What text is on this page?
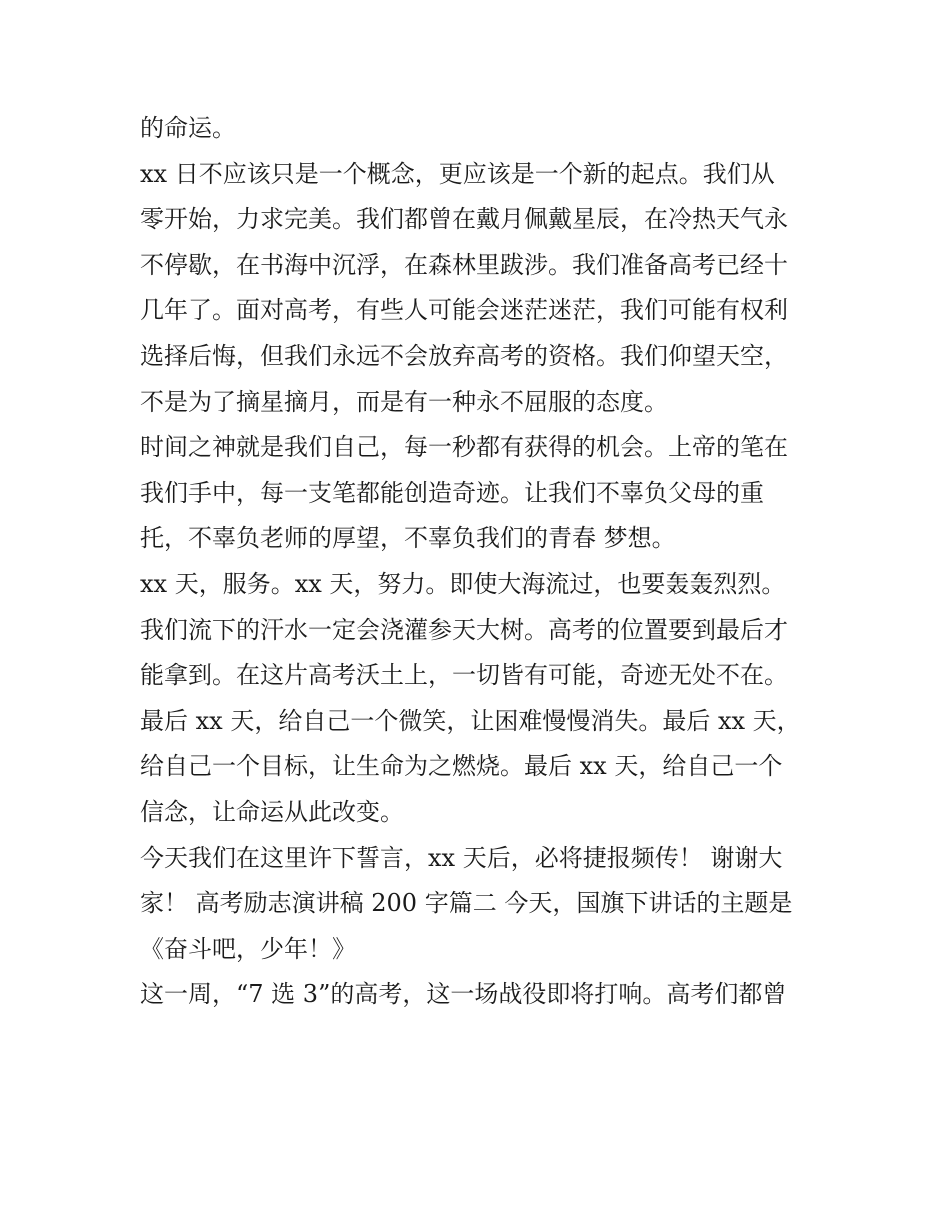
的命运。
xx 日不应该只是一个概念，更应该是一个新的起点。我们从
零开始，力求完美。我们都曾在戴月佩戴星辰，在冷热天气永
不停歇，在书海中沉浮，在森林里跋涉。我们准备高考已经十
几年了。面对高考，有些人可能会迷茫迷茫，我们可能有权利
选择后悔，但我们永远不会放弃高考的资格。我们仰望天空，
不是为了摘星摘月，而是有一种永不屈服的态度。
时间之神就是我们自己，每一秒都有获得的机会。上帝的笔在
我们手中，每一支笔都能创造奇迹。让我们不辜负父母的重
托，不辜负老师的厚望，不辜负我们的青春 梦想。
xx 天，服务。xx 天，努力。即使大海流过，也要轰轰烈烈。
我们流下的汗水一定会浇灌参天大树。高考的位置要到最后才
能拿到。在这片高考沃土上，一切皆有可能，奇迹无处不在。
最后 xx 天，给自己一个微笑，让困难慢慢消失。最后 xx 天，
给自己一个目标，让生命为之燃烧。最后 xx 天，给自己一个
信念，让命运从此改变。
今天我们在这里许下誓言，xx 天后，必将捷报频传！ 谢谢大
家！ 高考励志演讲稿 200 字篇二 今天，国旗下讲话的主题是
《奋斗吧，少年！》
这一周，“7 选 3”的高考，这一场战役即将打响。高考们都曾
